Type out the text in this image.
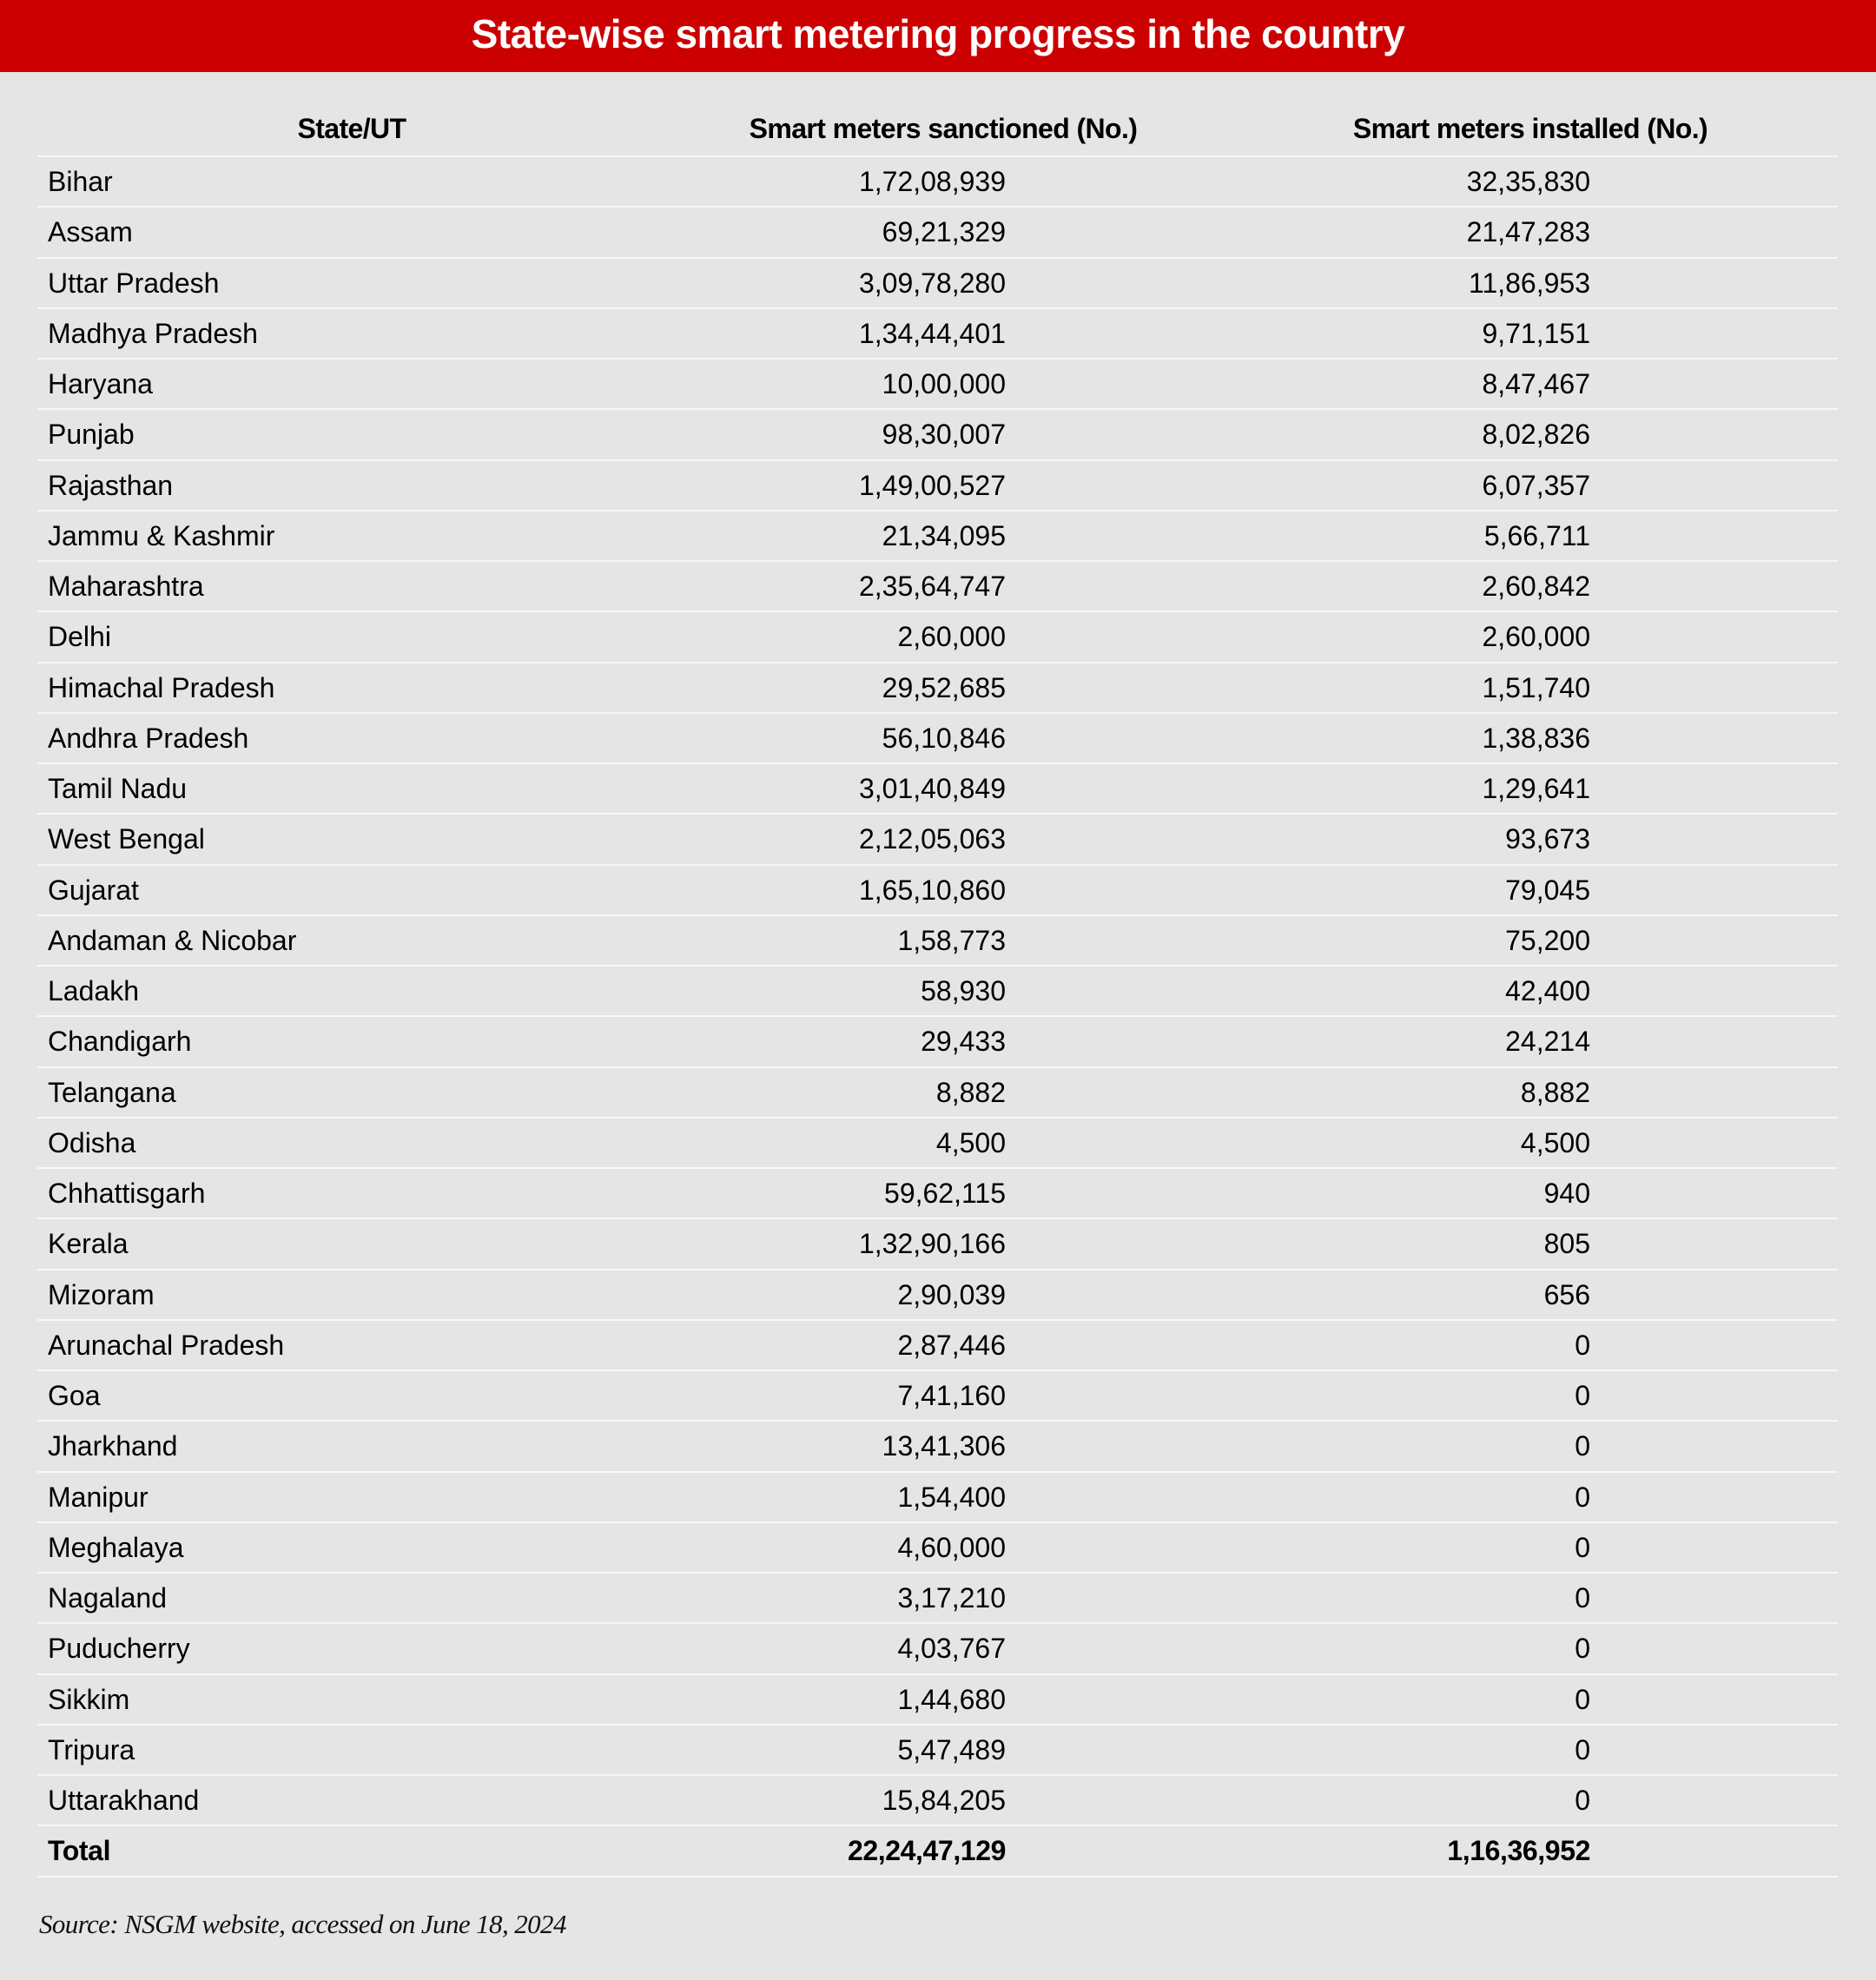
State-wise smart metering progress in the country
State/UT	Smart meters sanctioned (No.)	Smart meters installed (No.)
Bihar	1,72,08,939	32,35,830
Assam	69,21,329	21,47,283
Uttar Pradesh	3,09,78,280	11,86,953
Madhya Pradesh	1,34,44,401	9,71,151
Haryana	10,00,000	8,47,467
Punjab	98,30,007	8,02,826
Rajasthan	1,49,00,527	6,07,357
Jammu & Kashmir	21,34,095	5,66,711
Maharashtra	2,35,64,747	2,60,842
Delhi	2,60,000	2,60,000
Himachal Pradesh	29,52,685	1,51,740
Andhra Pradesh	56,10,846	1,38,836
Tamil Nadu	3,01,40,849	1,29,641
West Bengal	2,12,05,063	93,673
Gujarat	1,65,10,860	79,045
Andaman & Nicobar	1,58,773	75,200
Ladakh	58,930	42,400
Chandigarh	29,433	24,214
Telangana	8,882	8,882
Odisha	4,500	4,500
Chhattisgarh	59,62,115	940
Kerala	1,32,90,166	805
Mizoram	2,90,039	656
Arunachal Pradesh	2,87,446	0
Goa	7,41,160	0
Jharkhand	13,41,306	0
Manipur	1,54,400	0
Meghalaya	4,60,000	0
Nagaland	3,17,210	0
Puducherry	4,03,767	0
Sikkim	1,44,680	0
Tripura	5,47,489	0
Uttarakhand	15,84,205	0
Total	22,24,47,129	1,16,36,952
Source: NSGM website, accessed on June 18, 2024
